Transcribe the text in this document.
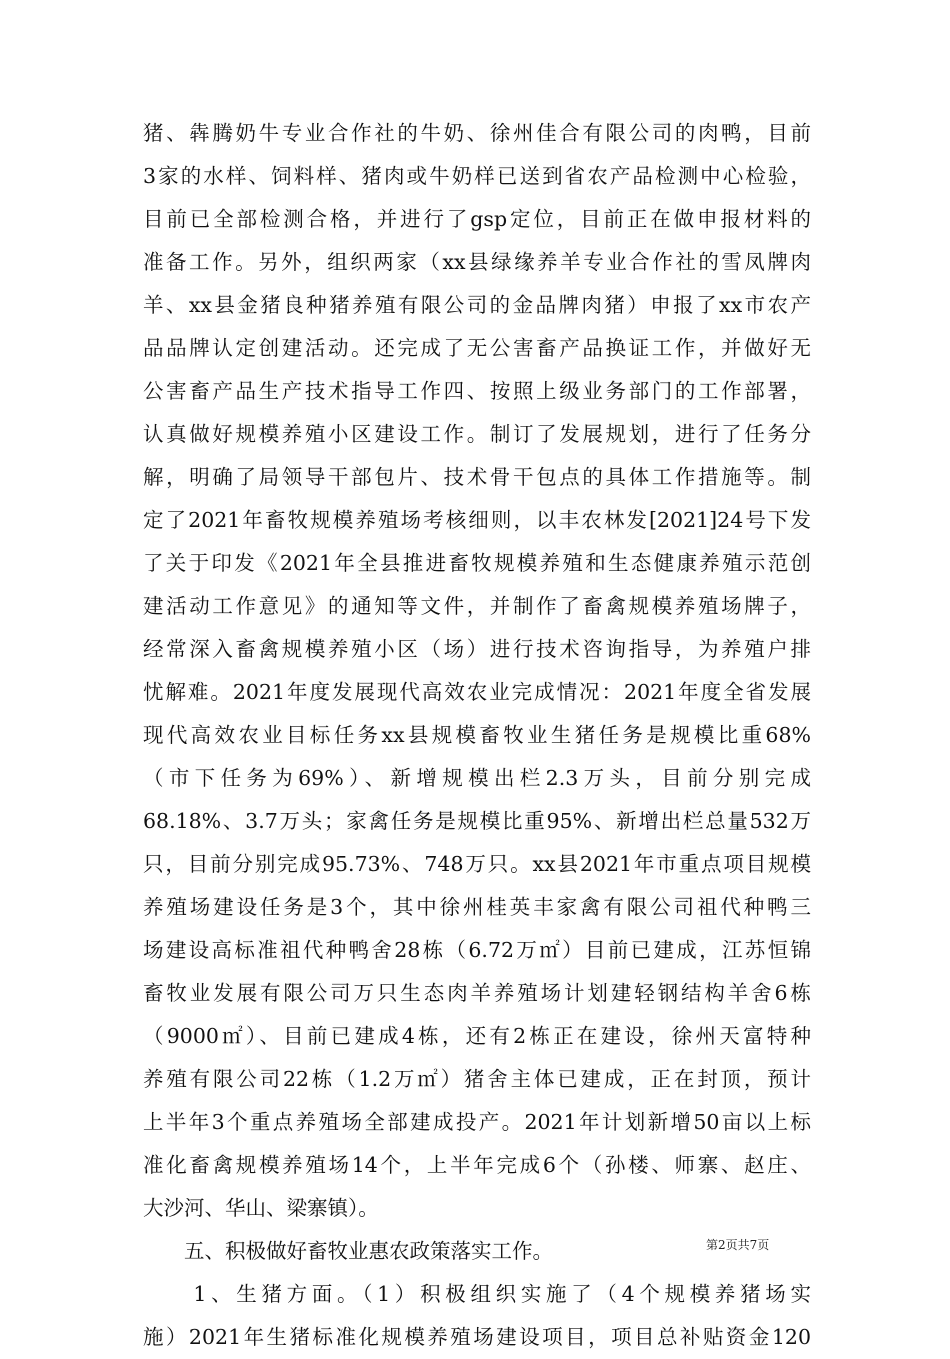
猪、犇腾奶牛专业合作社的牛奶、徐州佳合有限公司的肉鸭，目前
3家的水样、饲料样、猪肉或牛奶样已送到省农产品检测中心检验，
目前已全部检测合格，并进行了gsp定位，目前正在做申报材料的
准备工作。另外，组织两家（xx县绿缘养羊专业合作社的雪凤牌肉
羊、xx县金猪良种猪养殖有限公司的金品牌肉猪）申报了xx市农产
品品牌认定创建活动。还完成了无公害畜产品换证工作，并做好无
公害畜产品生产技术指导工作四、按照上级业务部门的工作部署，
认真做好规模养殖小区建设工作。制订了发展规划，进行了任务分
解，明确了局领导干部包片、技术骨干包点的具体工作措施等。制
定了2021年畜牧规模养殖场考核细则，以丰农林发[2021]24号下发
了关于印发《2021年全县推进畜牧规模养殖和生态健康养殖示范创
建活动工作意见》的通知等文件，并制作了畜禽规模养殖场牌子，
经常深入畜禽规模养殖小区（场）进行技术咨询指导，为养殖户排
忧解难。2021年度发展现代高效农业完成情况：2021年度全省发展
现代高效农业目标任务xx县规模畜牧业生猪任务是规模比重68%
（市下任务为69%）、新增规模出栏2.3万头，目前分别完成
68.18%、3.7万头；家禽任务是规模比重95%、新增出栏总量532万
只，目前分别完成95.73%、748万只。xx县2021年市重点项目规模
养殖场建设任务是3个，其中徐州桂英丰家禽有限公司祖代种鸭三
场建设高标准祖代种鸭舍28栋（6.72万㎡）目前已建成，江苏恒锦
畜牧业发展有限公司万只生态肉羊养殖场计划建轻钢结构羊舍6栋
（9000㎡）、目前已建成4栋，还有2栋正在建设，徐州天富特种
养殖有限公司22栋（1.2万㎡）猪舍主体已建成，正在封顶，预计
上半年3个重点养殖场全部建成投产。2021年计划新增50亩以上标
准化畜禽规模养殖场14个，上半年完成6个（孙楼、师寨、赵庄、
大沙河、华山、梁寨镇）。
　　五、积极做好畜牧业惠农政策落实工作。
　　1、生猪方面。（1）积极组织实施了（4个规模养猪场实
施）2021年生猪标准化规模养殖场建设项目，项目总补贴资金120
第2页共7页
